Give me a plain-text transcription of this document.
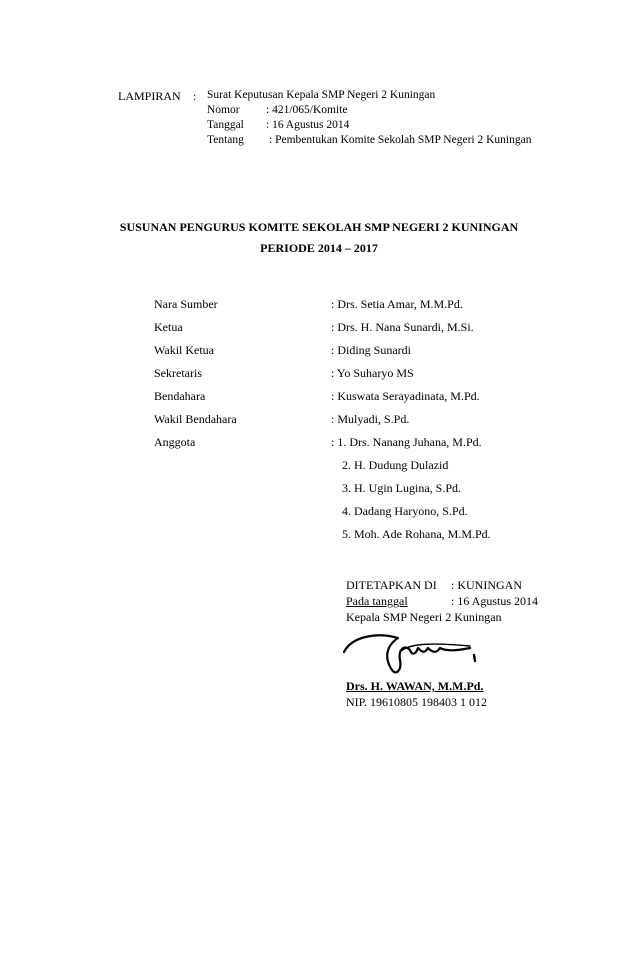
LAMPIRAN : Surat Keputusan Kepala SMP Negeri 2 Kuningan
Nomor : 421/065/Komite
Tanggal : 16 Agustus 2014
Tentang : Pembentukan Komite Sekolah SMP Negeri 2 Kuningan
SUSUNAN PENGURUS KOMITE SEKOLAH SMP NEGERI 2 KUNINGAN
PERIODE 2014 – 2017
Nara Sumber	: Drs. Setia Amar, M.M.Pd.
Ketua	: Drs. H. Nana Sunardi, M.Si.
Wakil Ketua	: Diding Sunardi
Sekretaris	: Yo Suharyo MS
Bendahara	: Kuswata Serayadinata, M.Pd.
Wakil Bendahara	: Mulyadi, S.Pd.
Anggota	: 1. Drs. Nanang Juhana, M.Pd.
2. H. Dudung Dulazid
3. H. Ugin Lugina, S.Pd.
4. Dadang Haryono, S.Pd.
5. Moh. Ade Rohana, M.M.Pd.
DITETAPKAN DI : KUNINGAN
Pada tanggal	: 16 Agustus 2014
Kepala SMP Negeri 2 Kuningan
Drs. H. WAWAN, M.M.Pd.
NIP. 19610805 198403 1 012
